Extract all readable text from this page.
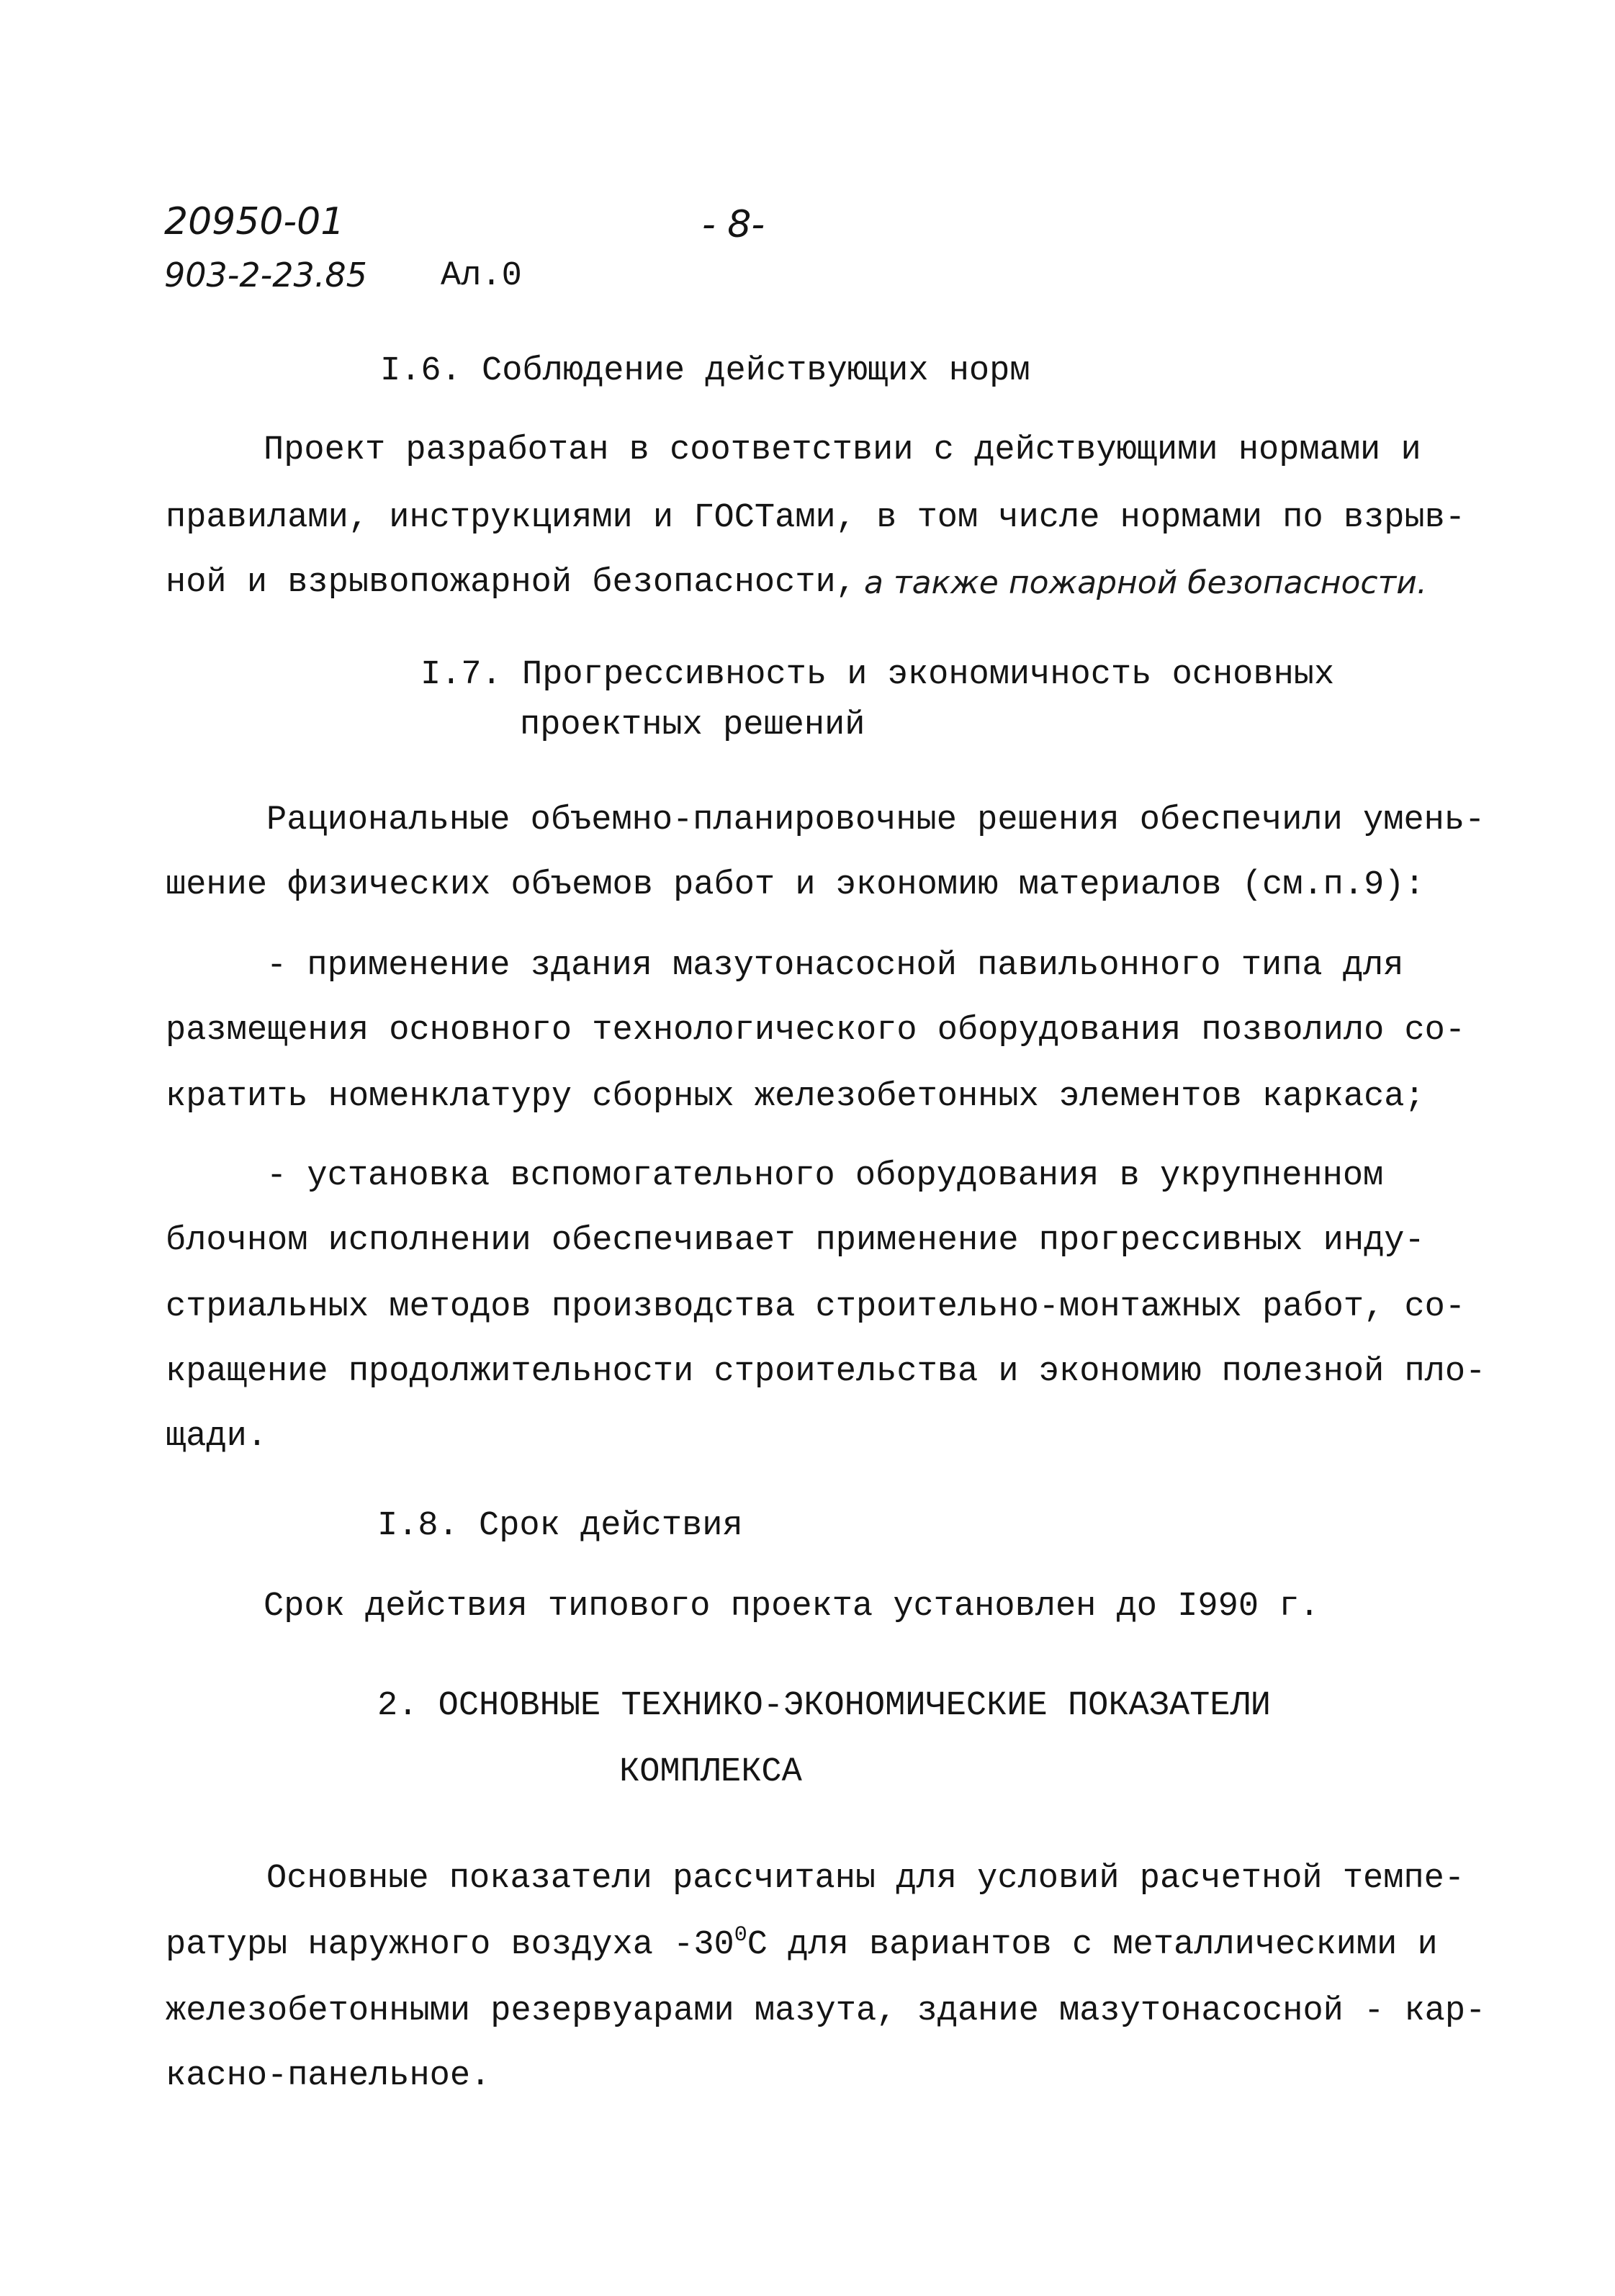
20950-01	- 8-
903-2-23.85 Ал.0
I.6. Соблюдение действующих норм
Проект разработан в соответствии с действующими нормами и
правилами, инструкциями и ГОСТами, в том числе нормами по взрыв-
ной и взрывопожарной безопасности, а также пожарной безопасности.
I.7. Прогрессивность и экономичность основных
проектных решений
Рациональные объемно-планировочные решения обеспечили умень-
шение физических объемов работ и экономию материалов (см.п.9):
- применение здания мазутонасосной павильонного типа для
размещения основного технологического оборудования позволило со-
кратить номенклатуру сборных железобетонных элементов каркаса;
- установка вспомогательного оборудования в укрупненном
блочном исполнении обеспечивает применение прогрессивных инду-
стриальных методов производства строительно-монтажных работ, со-
кращение продолжительности строительства и экономию полезной пло-
щади.
I.8. Срок действия
Срок действия типового проекта установлен до I990 г.
2. ОСНОВНЫЕ ТЕХНИКО-ЭКОНОМИЧЕСКИЕ ПОКАЗАТЕЛИ
КОМПЛЕКСА
Основные показатели рассчитаны для условий расчетной темпе-
ратуры наружного воздуха $-30^0С$ для вариантов с металлическими и
железобетонными резервуарами мазута, здание мазутонасосной - кар-
касно-панельное.
